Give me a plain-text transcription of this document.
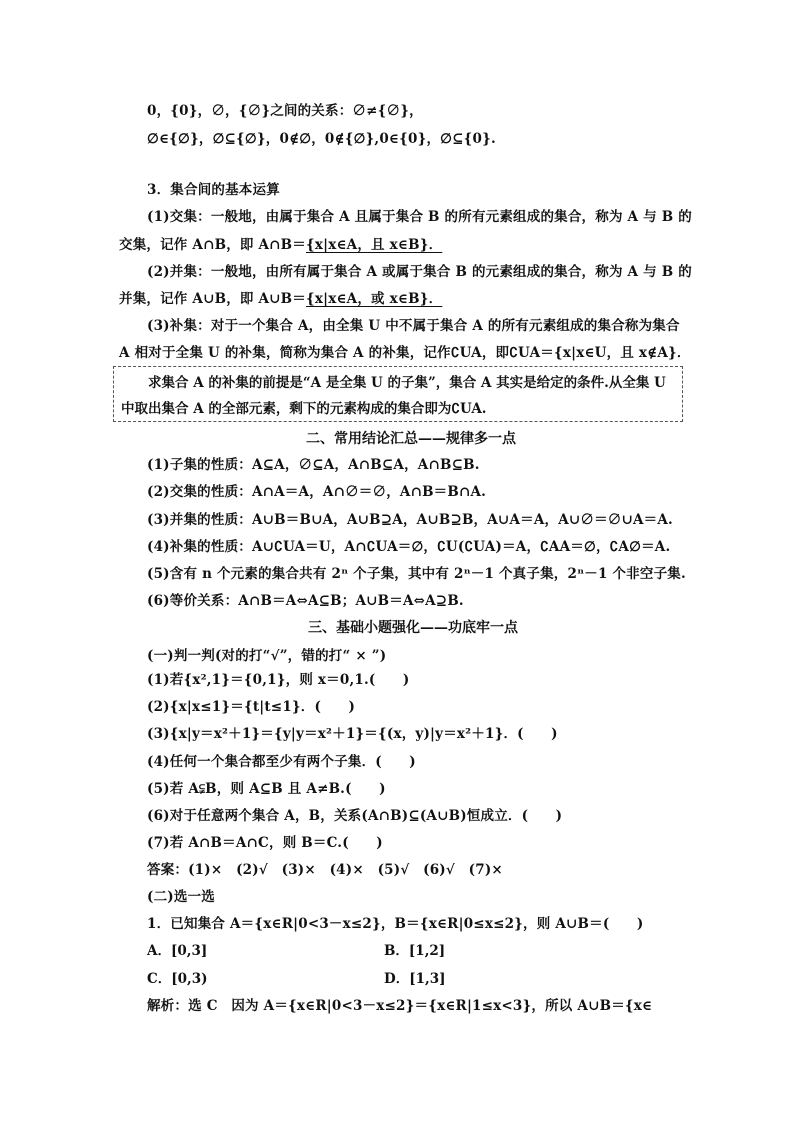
0，{0}，∅，{∅}之间的关系：∅≠{∅}，
∅∈{∅}，∅⊆{∅}，0∉∅，0∉{∅},0∈{0}，∅⊆{0}.
3．集合间的基本运算
(1)交集：一般地，由属于集合 A 且属于集合 B 的所有元素组成的集合，称为 A 与 B 的
交集，记作 A∩B，即 A∩B＝{x|x∈A，且 x∈B}．
(2)并集：一般地，由所有属于集合 A 或属于集合 B 的元素组成的集合，称为 A 与 B 的
并集，记作 A∪B，即 A∪B＝{x|x∈A，或 x∈B}．
(3)补集：对于一个集合 A，由全集 U 中不属于集合 A 的所有元素组成的集合称为集合
A 相对于全集 U 的补集，简称为集合 A 的补集，记作∁UA，即∁UA＝{x|x∈U，且 x∉A}．
求集合 A 的补集的前提是“A 是全集 U 的子集”，集合 A 其实是给定的条件.从全集 U
中取出集合 A 的全部元素，剩下的元素构成的集合即为∁UA.
二、常用结论汇总——规律多一点
(1)子集的性质：A⊆A，∅⊆A，A∩B⊆A，A∩B⊆B.
(2)交集的性质：A∩A＝A，A∩∅＝∅，A∩B＝B∩A.
(3)并集的性质：A∪B＝B∪A，A∪B⊇A，A∪B⊇B，A∪A＝A，A∪∅＝∅∪A＝A.
(4)补集的性质：A∪∁UA＝U，A∩∁UA＝∅，∁U(∁UA)＝A，∁AA＝∅，∁A∅＝A.
(5)含有 n 个元素的集合共有 2ⁿ 个子集，其中有 2ⁿ－1 个真子集，2ⁿ－1 个非空子集.
(6)等价关系：A∩B＝A⇔A⊆B；A∪B＝A⇔A⊇B.
三、基础小题强化——功底牢一点
(一)判一判(对的打“√”，错的打“ × ”)
(1)若{x²,1}＝{0,1}，则 x＝0,1.(　　)
(2){x|x≤1}＝{t|t≤1}．(　　)
(3){x|y＝x²＋1}＝{y|y＝x²＋1}＝{(x，y)|y＝x²＋1}．(　　)
(4)任何一个集合都至少有两个子集．(　　)
(5)若 A⫋B，则 A⊆B 且 A≠B.(　　)
(6)对于任意两个集合 A，B，关系(A∩B)⊆(A∪B)恒成立．(　　)
(7)若 A∩B＝A∩C，则 B＝C.(　　)
答案：(1)×　(2)√　(3)×　(4)×　(5)√　(6)√　(7)×
(二)选一选
1．已知集合 A＝{x∈R|0<3－x≤2}，B＝{x∈R|0≤x≤2}，则 A∪B＝(　　)
A．[0,3]	B．[1,2]
C．[0,3)	D．[1,3]
解析：选 C　因为 A＝{x∈R|0<3－x≤2}＝{x∈R|1≤x<3}，所以 A∪B＝{x∈
